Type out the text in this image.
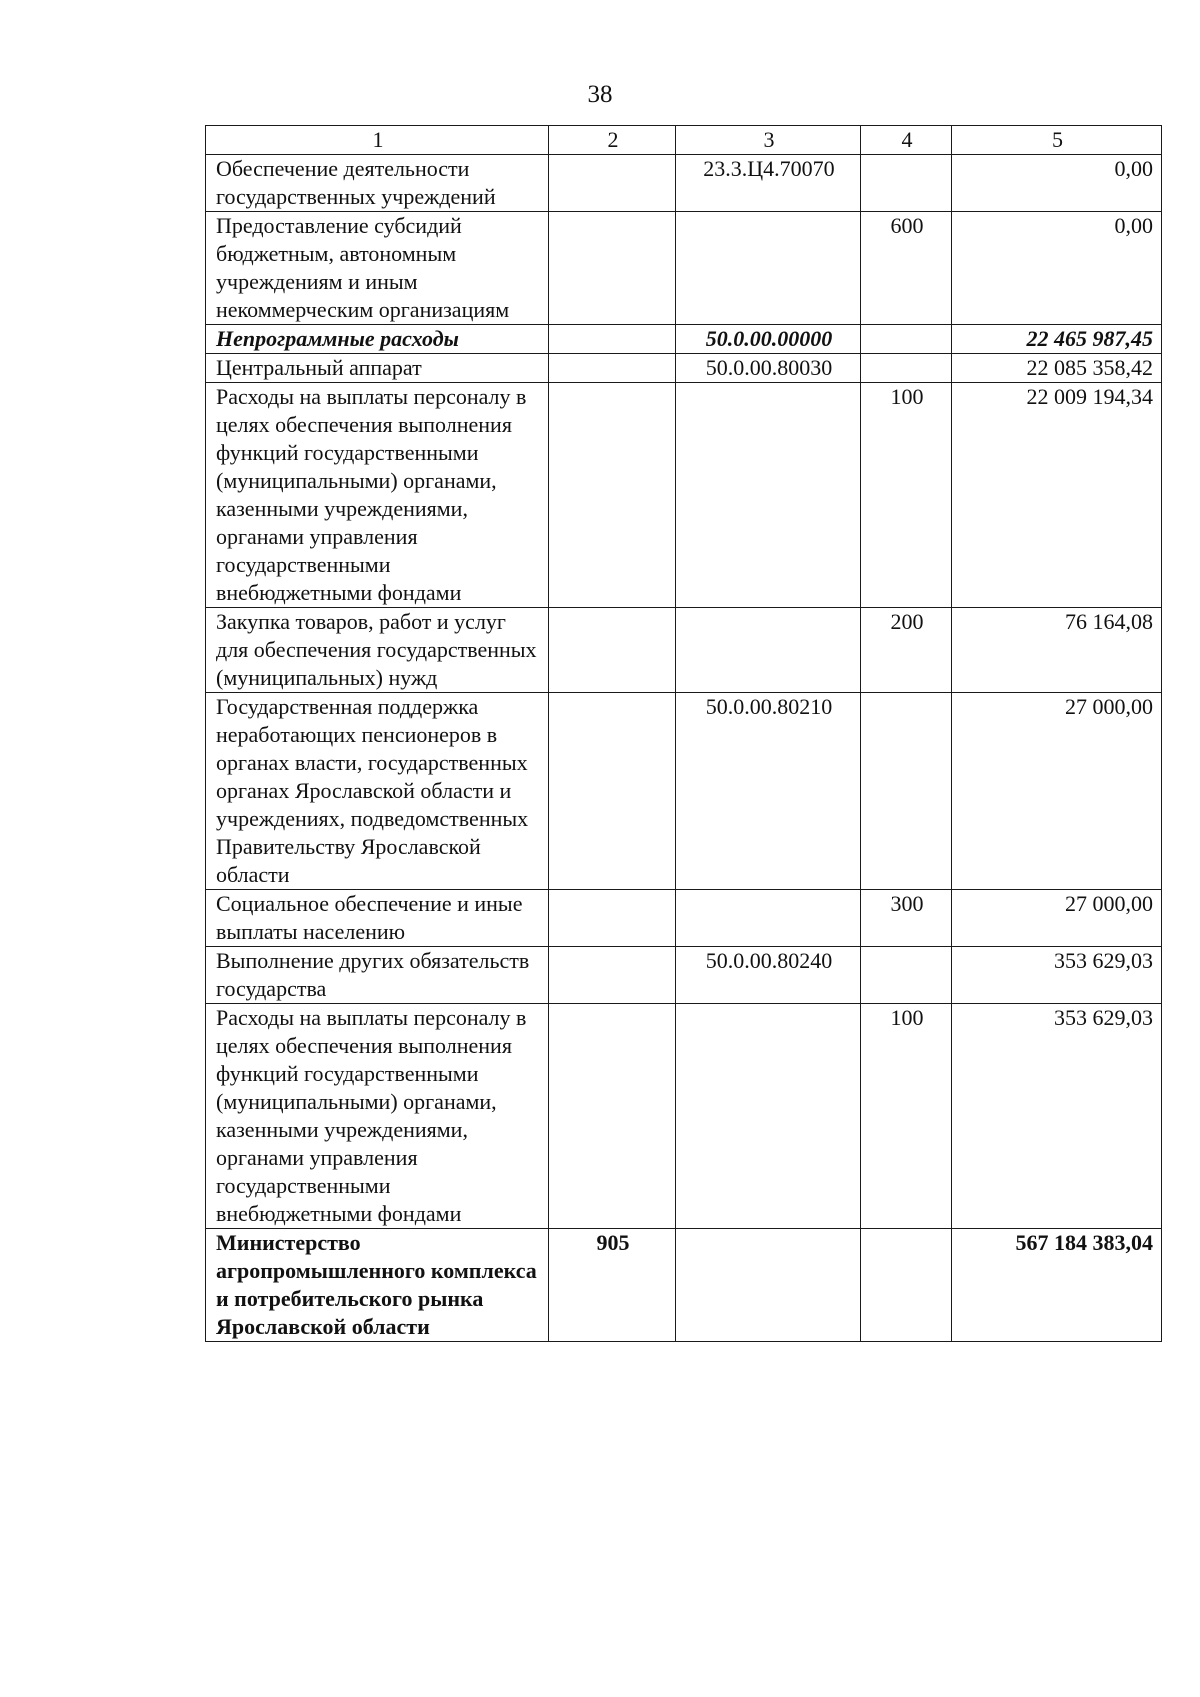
38
1	2	3	4	5
Обеспечение деятельности государственных учреждений		23.3.Ц4.70070		0,00
Предоставление субсидий бюджетным, автономным учреждениям и иным некоммерческим организациям			600	0,00
Непрограммные расходы		50.0.00.00000		22 465 987,45
Центральный аппарат		50.0.00.80030		22 085 358,42
Расходы на выплаты персоналу в целях обеспечения выполнения функций государственными (муниципальными) органами, казенными учреждениями, органами управления государственными внебюджетными фондами			100	22 009 194,34
Закупка товаров, работ и услуг для обеспечения государственных (муниципальных) нужд			200	76 164,08
Государственная поддержка неработающих пенсионеров в органах власти, государственных органах Ярославской области и учреждениях, подведомственных Правительству Ярославской области		50.0.00.80210		27 000,00
Социальное обеспечение и иные выплаты населению			300	27 000,00
Выполнение других обязательств государства		50.0.00.80240		353 629,03
Расходы на выплаты персоналу в целях обеспечения выполнения функций государственными (муниципальными) органами, казенными учреждениями, органами управления государственными внебюджетными фондами			100	353 629,03
Министерство агропромышленного комплекса и потребительского рынка Ярославской области	905			567 184 383,04
